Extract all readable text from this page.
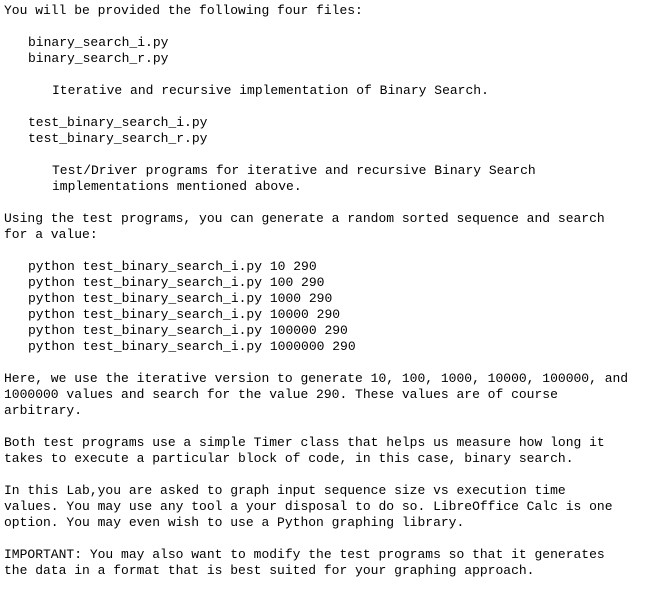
You will be provided the following four files:
binary_search_i.py
binary_search_r.py
Iterative and recursive implementation of Binary Search.
test_binary_search_i.py
test_binary_search_r.py
Test/Driver programs for iterative and recursive Binary Search
implementations mentioned above.
Using the test programs, you can generate a random sorted sequence and search
for a value:
python test_binary_search_i.py 10 290
python test_binary_search_i.py 100 290
python test_binary_search_i.py 1000 290
python test_binary_search_i.py 10000 290
python test_binary_search_i.py 100000 290
python test_binary_search_i.py 1000000 290
Here, we use the iterative version to generate 10, 100, 1000, 10000, 100000, and
1000000 values and search for the value 290. These values are of course
arbitrary.
Both test programs use a simple Timer class that helps us measure how long it
takes to execute a particular block of code, in this case, binary search.
In this Lab,you are asked to graph input sequence size vs execution time
values. You may use any tool a your disposal to do so. LibreOffice Calc is one
option. You may even wish to use a Python graphing library.
IMPORTANT: You may also want to modify the test programs so that it generates
the data in a format that is best suited for your graphing approach.
